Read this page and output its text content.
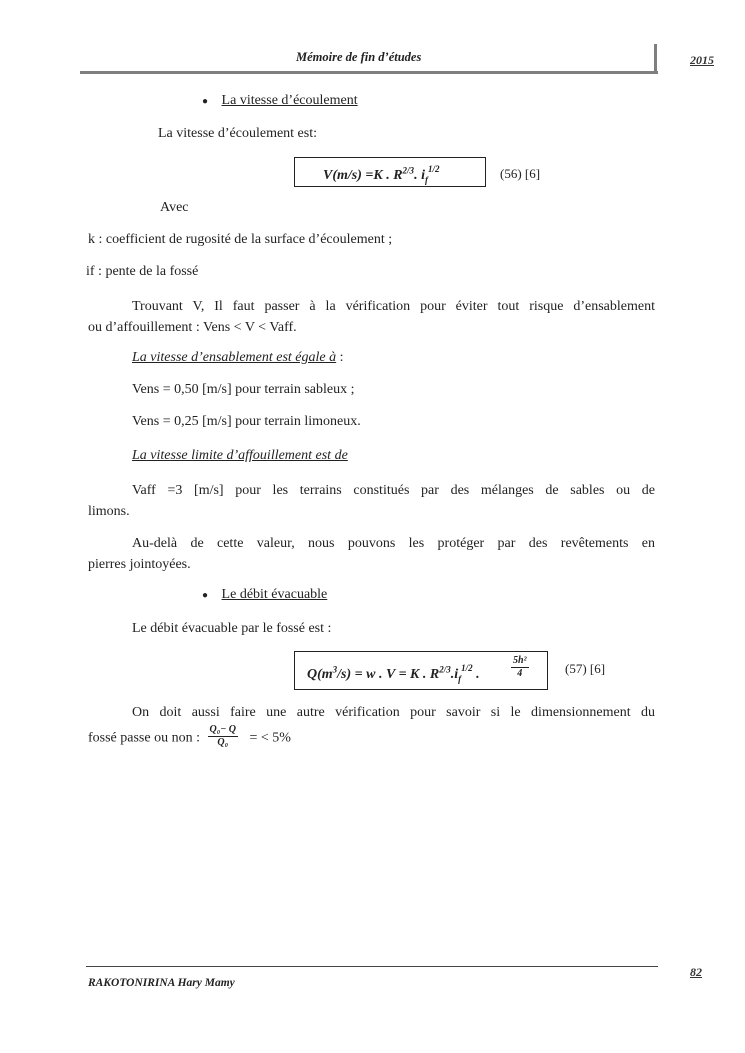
Mémoire de fin d’études	2015
● La vitesse d’écoulement
La vitesse d’écoulement est:
V(m/s) =K . $R^{2/3}$. $i_f^{1/2}$	(56) [6]
Avec
k : coefficient de rugosité de la surface d’écoulement ;
if : pente de la fossé
Trouvant V, Il faut passer à la vérification pour éviter tout risque d’ensablement
ou d’affouillement : Vens < V < Vaff.
La vitesse d’ensablement est égale à :
Vens = 0,50 [m/s] pour terrain sableux ;
Vens = 0,25 [m/s] pour terrain limoneux.
La vitesse limite d’affouillement est de
Vaff =3 [m/s] pour les terrains constitués par des mélanges de sables ou de
limons.
Au-delà de cette valeur, nous pouvons les protéger par des revêtements en
pierres jointoyées.
● Le débit évacuable
Le débit évacuable par le fossé est :
$Q(m^3/s) = w$ . V = K . $R^{2/3}.i_f^{1/2}$ .	$\frac{\text{5h²}}{4}$	(57) [6]
On doit aussi faire une autre vérification pour savoir si le dimensionnement du
fossé passe ou non : $\frac{\text{Q₀− Q}}{\text{Q₀}}$ = < 5%
RAKOTONIRINA Hary Mamy
82
